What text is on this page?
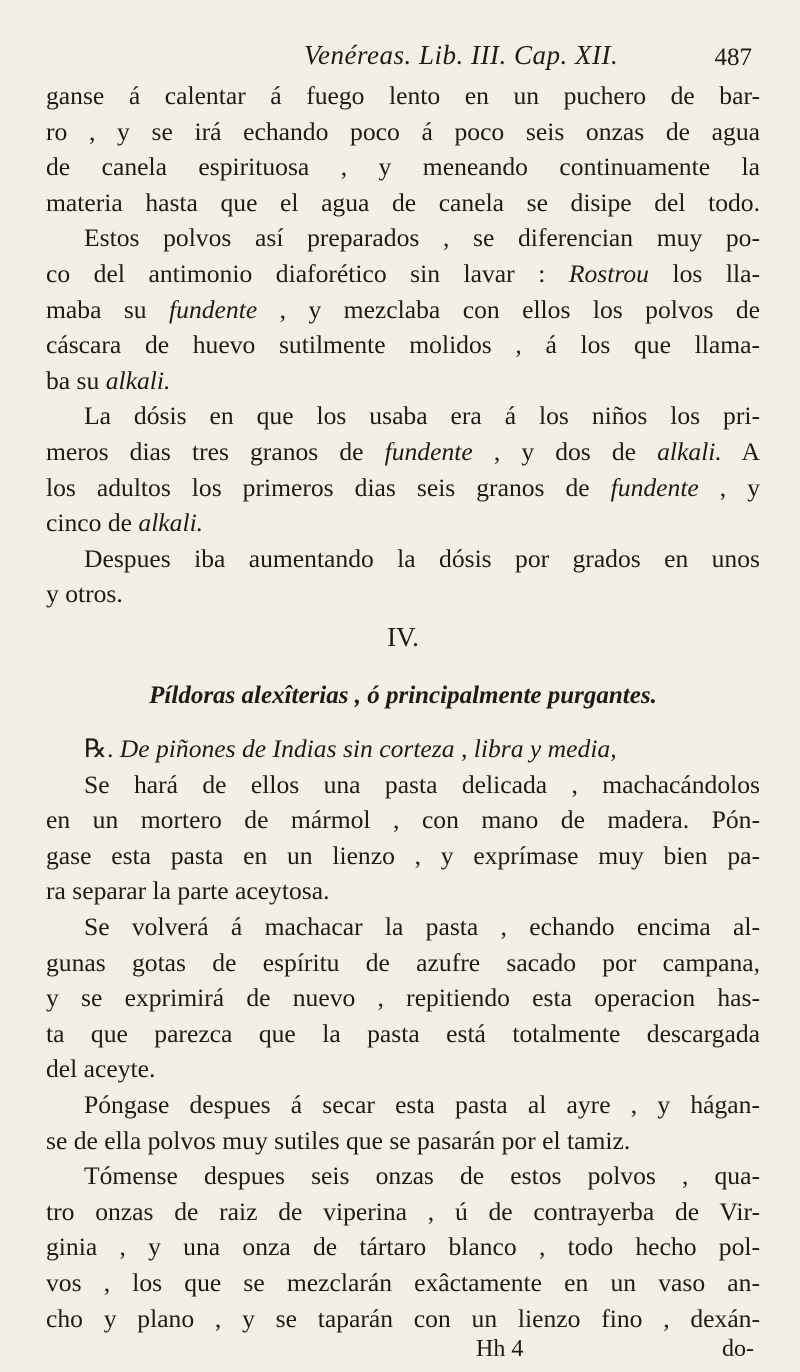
Venéreas. Lib. III. Cap. XII.	487
ganse á calentar á fuego lento en un puchero de bar-
ro , y se irá echando poco á poco seis onzas de agua
de canela espirituosa , y meneando continuamente la
materia hasta que el agua de canela se disipe del todo.
Estos polvos así preparados , se diferencian muy po-
co del antimonio diaforético sin lavar : Rostrou los lla-
maba su fundente , y mezclaba con ellos los polvos de
cáscara de huevo sutilmente molidos , á los que llama-
ba su alkali.
La dósis en que los usaba era á los niños los pri-
meros dias tres granos de fundente , y dos de alkali. A
los adultos los primeros dias seis granos de fundente , y
cinco de alkali.
Despues iba aumentando la dósis por grados en unos
y otros.
IV.
Píldoras alexîterias , ó principalmente purgantes.
℞. De piñones de Indias sin corteza , libra y media,
Se hará de ellos una pasta delicada , machacándolos
en un mortero de mármol , con mano de madera. Pón-
gase esta pasta en un lienzo , y exprímase muy bien pa-
ra separar la parte aceytosa.
Se volverá á machacar la pasta , echando encima al-
gunas gotas de espíritu de azufre sacado por campana,
y se exprimirá de nuevo , repitiendo esta operacion has-
ta que parezca que la pasta está totalmente descargada
del aceyte.
Póngase despues á secar esta pasta al ayre , y hágan-
se de ella polvos muy sutiles que se pasarán por el tamiz.
Tómense despues seis onzas de estos polvos , qua-
tro onzas de raiz de viperina , ú de contrayerba de Vir-
ginia , y una onza de tártaro blanco , todo hecho pol-
vos , los que se mezclarán exâctamente en un vaso an-
cho y plano , y se taparán con un lienzo fino , dexán-
Hh 4	do-
